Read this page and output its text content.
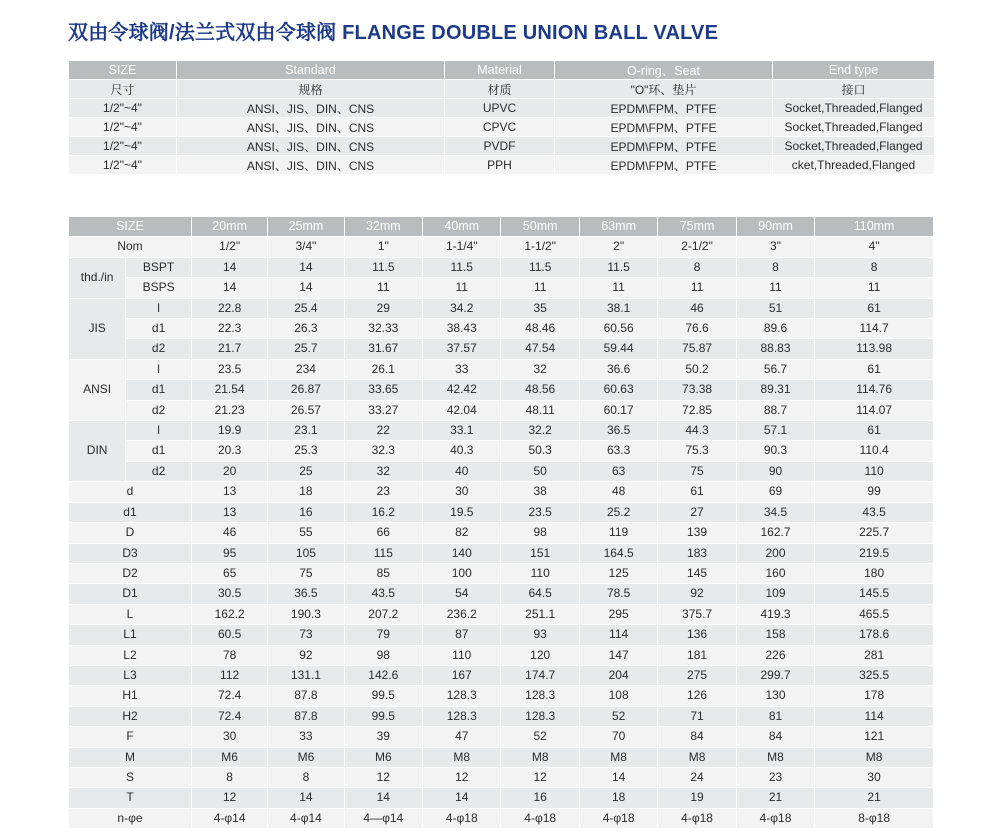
双由令球阀/法兰式双由令球阀 FLANGE DOUBLE UNION BALL VALVE
SIZE	Standard	Material	O-ring、Seat	End type
尺寸	规格	材质	"O"环、垫片	接口
1/2"~4"	ANSI、JIS、DIN、CNS	UPVC	EPDM\FPM、PTFE	Socket,Threaded,Flanged
1/2"~4"	ANSI、JIS、DIN、CNS	CPVC	EPDM\FPM、PTFE	Socket,Threaded,Flanged
1/2"~4"	ANSI、JIS、DIN、CNS	PVDF	EPDM\FPM、PTFE	Socket,Threaded,Flanged
1/2"~4"	ANSI、JIS、DIN、CNS	PPH	EPDM\FPM、PTFE	cket,Threaded,Flanged
SIZE		20mm	25mm	32mm	40mm	50mm	63mm	75mm	90mm	110mm
Nom		1/2"	3/4"	1"	1-1/4"	1-1/2"	2"	2-1/2"	3"	4"
thd./in	BSPT	14	14	11.5	11.5	11.5	11.5	8	8	8
	BSPS	14	14	11	11	11	11	11	11	11
JIS	l	22.8	25.4	29	34.2	35	38.1	46	51	61
	d1	22.3	26.3	32.33	38.43	48.46	60.56	76.6	89.6	114.7
	d2	21.7	25.7	31.67	37.57	47.54	59.44	75.87	88.83	113.98
ANSI	l	23.5	234	26.1	33	32	36.6	50.2	56.7	61
	d1	21.54	26.87	33.65	42.42	48.56	60.63	73.38	89.31	114.76
	d2	21.23	26.57	33.27	42.04	48.11	60.17	72.85	88.7	114.07
DIN	l	19.9	23.1	22	33.1	32.2	36.5	44.3	57.1	61
	d1	20.3	25.3	32.3	40.3	50.3	63.3	75.3	90.3	110.4
	d2	20	25	32	40	50	63	75	90	110
d		13	18	23	30	38	48	61	69	99
d1		13	16	16.2	19.5	23.5	25.2	27	34.5	43.5
D		46	55	66	82	98	119	139	162.7	225.7
D3		95	105	115	140	151	164.5	183	200	219.5
D2		65	75	85	100	110	125	145	160	180
D1		30.5	36.5	43.5	54	64.5	78.5	92	109	145.5
L		162.2	190.3	207.2	236.2	251.1	295	375.7	419.3	465.5
L1		60.5	73	79	87	93	114	136	158	178.6
L2		78	92	98	110	120	147	181	226	281
L3		112	131.1	142.6	167	174.7	204	275	299.7	325.5
H1		72.4	87.8	99.5	128.3	128.3	108	126	130	178
H2		72.4	87.8	99.5	128.3	128.3	52	71	81	114
F		30	33	39	47	52	70	84	84	121
M		M6	M6	M6	M8	M8	M8	M8	M8	M8
S		8	8	12	12	12	14	24	23	30
T		12	14	14	14	16	18	19	21	21
n-φe		4-φ14	4-φ14	4—φ14	4-φ18	4-φ18	4-φ18	4-φ18	4-φ18	8-φ18
